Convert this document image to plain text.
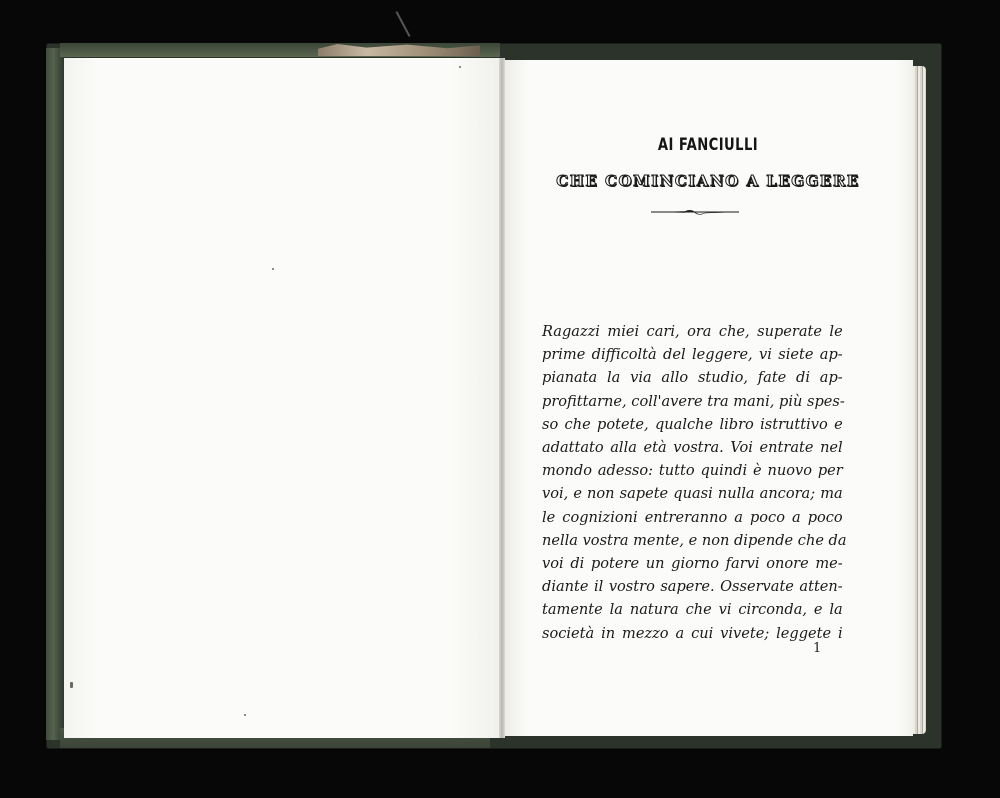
AI FANCIULLI
CHE COMINCIANO A LEGGERE
Ragazzi miei cari, ora che, superate le
prime difficoltà del leggere, vi siete ap-
pianata la via allo studio, fate di ap-
profittarne, coll'avere tra mani, più spes-
so che potete, qualche libro istruttivo e
adattato alla età vostra. Voi entrate nel
mondo adesso: tutto quindi è nuovo per
voi, e non sapete quasi nulla ancora; ma
le cognizioni entreranno a poco a poco
nella vostra mente, e non dipende che da
voi di potere un giorno farvi onore me-
diante il vostro sapere. Osservate atten-
tamente la natura che vi circonda, e la
società in mezzo a cui vivete; leggete i
1
